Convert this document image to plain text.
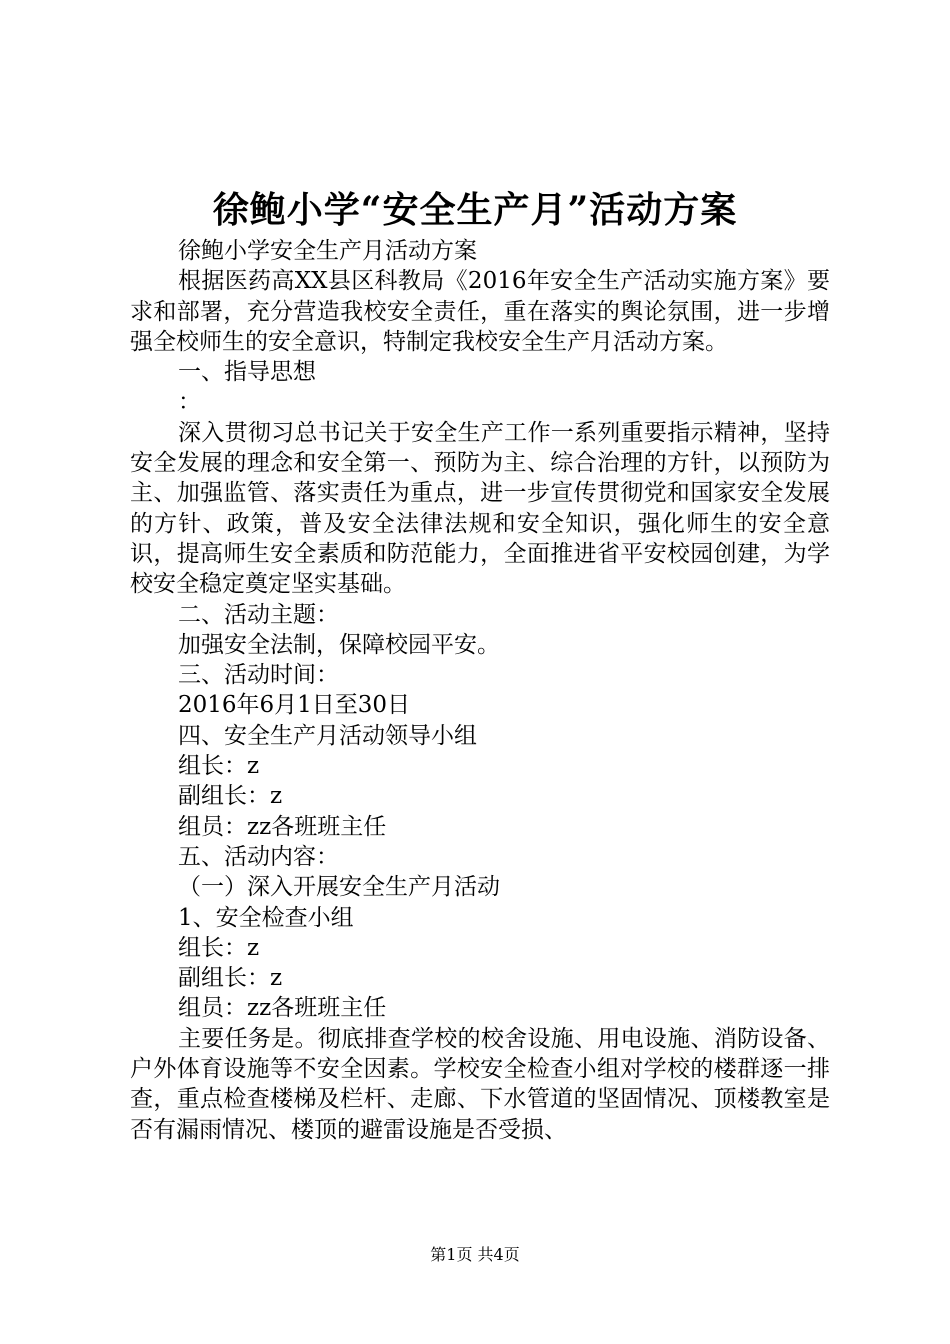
徐鲍小学“安全生产月”活动方案

徐鲍小学安全生产月活动方案

根据医药高XX县区科教局《2016年安全生产活动实施方案》要求和部署，充分营造我校安全责任，重在落实的舆论氛围，进一步增强全校师生的安全意识，特制定我校安全生产月活动方案。

一、指导思想

：

深入贯彻习总书记关于安全生产工作一系列重要指示精神，坚持安全发展的理念和安全第一、预防为主、综合治理的方针，以预防为主、加强监管、落实责任为重点，进一步宣传贯彻党和国家安全发展的方针、政策，普及安全法律法规和安全知识，强化师生的安全意识，提高师生安全素质和防范能力，全面推进省平安校园创建，为学校安全稳定奠定坚实基础。

二、活动主题：

加强安全法制，保障校园平安。

三、活动时间：

2016年6月1日至30日

四、安全生产月活动领导小组

组长：z

副组长：z

组员：zz各班班主任

五、活动内容：

（一）深入开展安全生产月活动

1、安全检查小组

组长：z

副组长：z

组员：zz各班班主任

主要任务是。彻底排查学校的校舍设施、用电设施、消防设备、户外体育设施等不安全因素。学校安全检查小组对学校的楼群逐一排查，重点检查楼梯及栏杆、走廊、下水管道的坚固情况、顶楼教室是否有漏雨情况、楼顶的避雷设施是否受损、

第1页 共4页
